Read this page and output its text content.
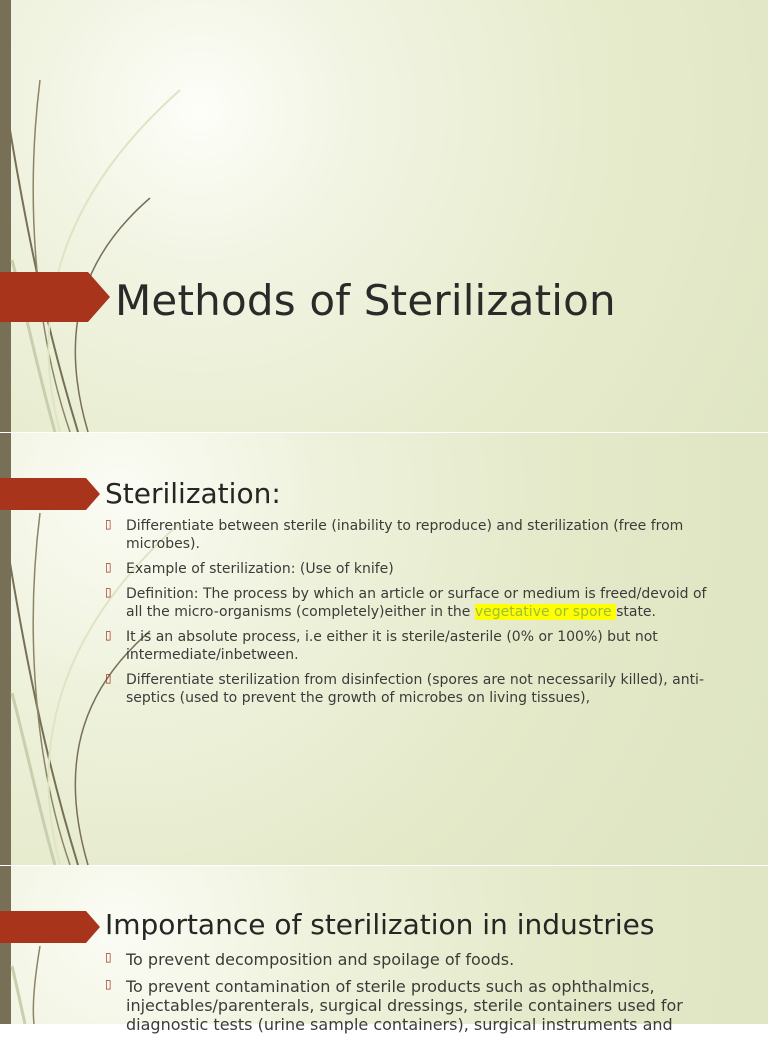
Methods of Sterilization
Sterilization:
▯ Differentiate between sterile (inability to reproduce) and sterilization (free from microbes).
▯ Example of sterilization: (Use of knife)
▯ Definition: The process by which an article or surface or medium is freed/devoid of all the micro-organisms (completely)either in the vegetative or spore state.
▯ It is an absolute process, i.e either it is sterile/asterile (0% or 100%) but not intermediate/inbetween.
▯ Differentiate sterilization from disinfection (spores are not necessarily killed), anti-septics (used to prevent the growth of microbes on living tissues),
Importance of sterilization in industries
▯ To prevent decomposition and spoilage of foods.
▯ To prevent contamination of sterile products such as ophthalmics, injectables/parenterals, surgical dressings, sterile containers used for diagnostic tests (urine sample containers), surgical instruments and
